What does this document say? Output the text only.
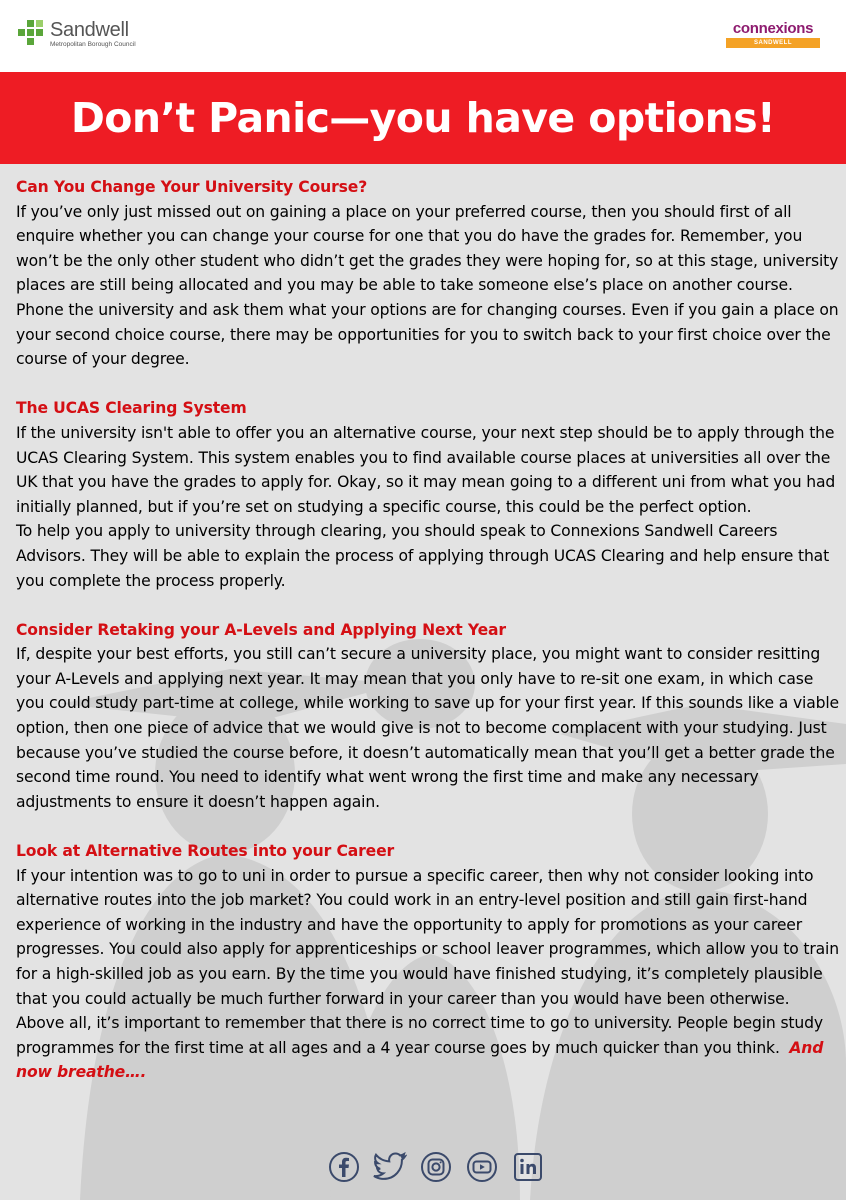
Sandwell
Metropolitan Borough Council
connexions
SANDWELL
Don’t Panic—you have options!

Can You Change Your University Course?

If you’ve only just missed out on gaining a place on your preferred course, then you should first of all enquire whether you can change your course for one that you do have the grades for. Remember, you won’t be the only other student who didn’t get the grades they were hoping for, so at this stage, university places are still being allocated and you may be able to take someone else’s place on another course. Phone the university and ask them what your options are for changing courses. Even if you gain a place on your second choice course, there may be opportunities for you to switch back to your first choice over the course of your degree.

The UCAS Clearing System

If the university isn't able to offer you an alternative course, your next step should be to apply through the UCAS Clearing System. This system enables you to find available course places at universities all over the UK that you have the grades to apply for. Okay, so it may mean going to a different uni from what you had initially planned, but if you’re set on studying a specific course, this could be the perfect option.

To help you apply to university through clearing, you should speak to Connexions Sandwell Careers Advisors. They will be able to explain the process of applying through UCAS Clearing and help ensure that you complete the process properly.

Consider Retaking your A-Levels and Applying Next Year

If, despite your best efforts, you still can’t secure a university place, you might want to consider resitting your A-Levels and applying next year. It may mean that you only have to re-sit one exam, in which case you could study part-time at college, while working to save up for your first year. If this sounds like a viable option, then one piece of advice that we would give is not to become complacent with your studying. Just because you’ve studied the course before, it doesn’t automatically mean that you’ll get a better grade the second time round. You need to identify what went wrong the first time and make any necessary adjustments to ensure it doesn’t happen again.

Look at Alternative Routes into your Career

If your intention was to go to uni in order to pursue a specific career, then why not consider looking into alternative routes into the job market? You could work in an entry-level position and still gain first-hand experience of working in the industry and have the opportunity to apply for promotions as your career progresses. You could also apply for apprenticeships or school leaver programmes, which allow you to train for a high-skilled job as you earn. By the time you would have finished studying, it’s completely plausible that you could actually be much further forward in your career than you would have been otherwise.

Above all, it’s important to remember that there is no correct time to go to university. People begin study programmes for the first time at all ages and a 4 year course goes by much quicker than you think. And now breathe….
